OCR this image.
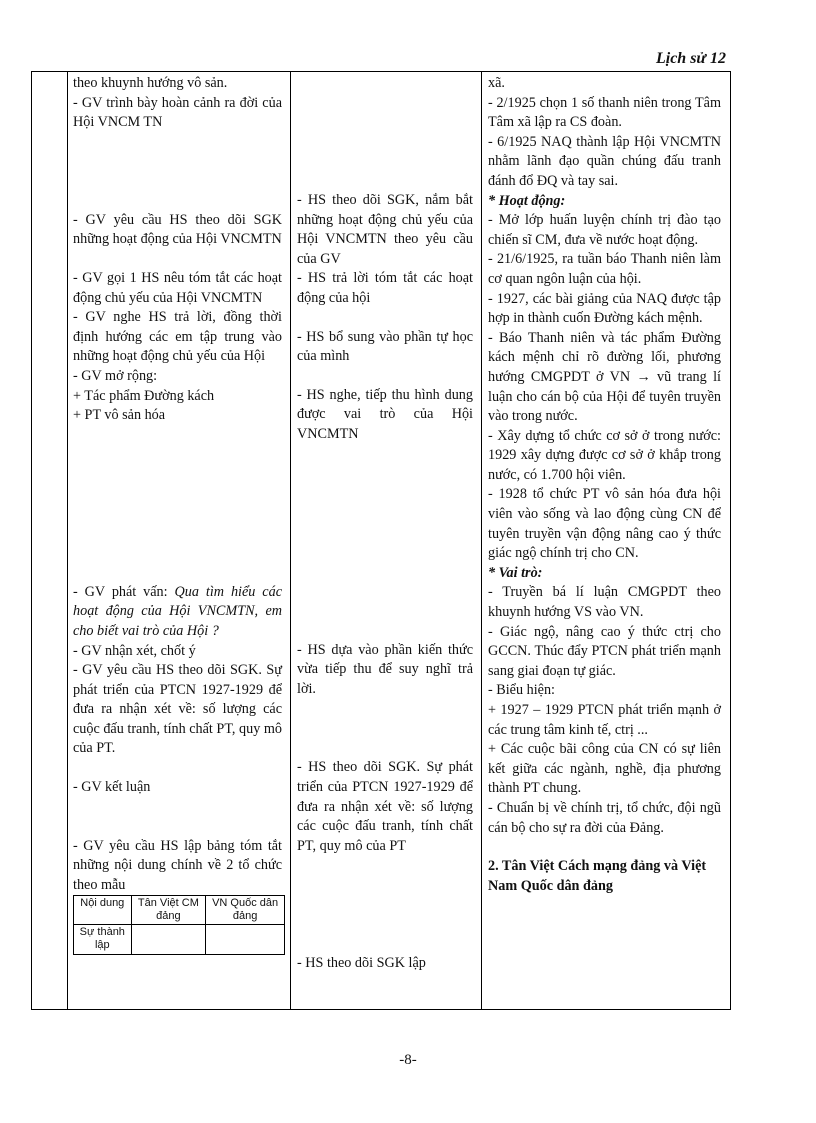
Lịch sử 12

theo khuynh hướng vô sản.

- GV trình bày hoàn cảnh ra đời của Hội VNCM TN

- GV yêu cầu HS theo dõi SGK những hoạt động của Hội VNCMTN

- GV gọi 1 HS nêu tóm tắt các hoạt động chủ yếu của Hội VNCMTN

- GV nghe HS trả lời, đồng thời định hướng các em tập trung vào những hoạt động chủ yếu của Hội

- GV mở rộng:

+ Tác phẩm Đường kách

+ PT vô sản hóa

- GV phát vấn: Qua tìm hiểu các hoạt động của Hội VNCMTN, em cho biết vai trò của Hội ?

- GV nhận xét, chốt ý

- GV yêu cầu HS theo dõi SGK. Sự phát triển của PTCN 1927-1929 để đưa ra nhận xét về: số lượng các cuộc đấu tranh, tính chất PT, quy mô của PT.

- GV kết luận

- GV yêu cầu HS lập bảng tóm tắt những nội dung chính về 2 tổ chức theo mẫu

Nội dung	Tân Việt CM đảng	VN Quốc dân đảng
Sự thành lập		

- HS theo dõi SGK, nắm bắt những hoạt động chủ yếu của Hội VNCMTN theo yêu cầu của GV

- HS trả lời tóm tắt các hoạt động của hội

- HS bổ sung vào phần tự học của mình

- HS nghe, tiếp thu hình dung được vai trò của Hội VNCMTN

- HS dựa vào phần kiến thức vừa tiếp thu để suy nghĩ trả lời.

- HS theo dõi SGK. Sự phát triển của PTCN 1927-1929 để đưa ra nhận xét về: số lượng các cuộc đấu tranh, tính chất PT, quy mô của PT

- HS theo dõi SGK lập

xã.

- 2/1925 chọn 1 số thanh niên trong Tâm Tâm xã lập ra CS đoàn.

- 6/1925 NAQ thành lập Hội VNCMTN nhằm lãnh đạo quần chúng đấu tranh đánh đổ ĐQ và tay sai.

* Hoạt động:

- Mở lớp huấn luyện chính trị đào tạo chiến sĩ CM, đưa về nước hoạt động.

- 21/6/1925, ra tuần báo Thanh niên làm cơ quan ngôn luận của hội.

- 1927, các bài giảng của NAQ được tập hợp in thành cuốn Đường kách mệnh.

- Báo Thanh niên và tác phẩm Đường kách mệnh chỉ rõ đường lối, phương hướng CMGPDT ở VN → vũ trang lí luận cho cán bộ của Hội để tuyên truyền vào trong nước.

- Xây dựng tổ chức cơ sở ở trong nước: 1929 xây dựng được cơ sở ở khắp trong nước, có 1.700 hội viên.

- 1928 tổ chức PT vô sản hóa đưa hội viên vào sống và lao động cùng CN để tuyên truyền vận động nâng cao ý thức giác ngộ chính trị cho CN.

* Vai trò:

- Truyền bá lí luận CMGPDT theo khuynh hướng VS vào VN.

- Giác ngộ, nâng cao ý thức ctrị cho GCCN. Thúc đẩy PTCN phát triển mạnh sang giai đoạn tự giác.

- Biểu hiện:

+ 1927 – 1929 PTCN phát triển mạnh ở các trung tâm kinh tế, ctrị ...

+ Các cuộc bãi công của CN có sự liên kết giữa các ngành, nghề, địa phương thành PT chung.

- Chuẩn bị về chính trị, tổ chức, đội ngũ cán bộ cho sự ra đời của Đảng.

2. Tân Việt Cách mạng đảng và Việt Nam Quốc dân đảng

-8-
